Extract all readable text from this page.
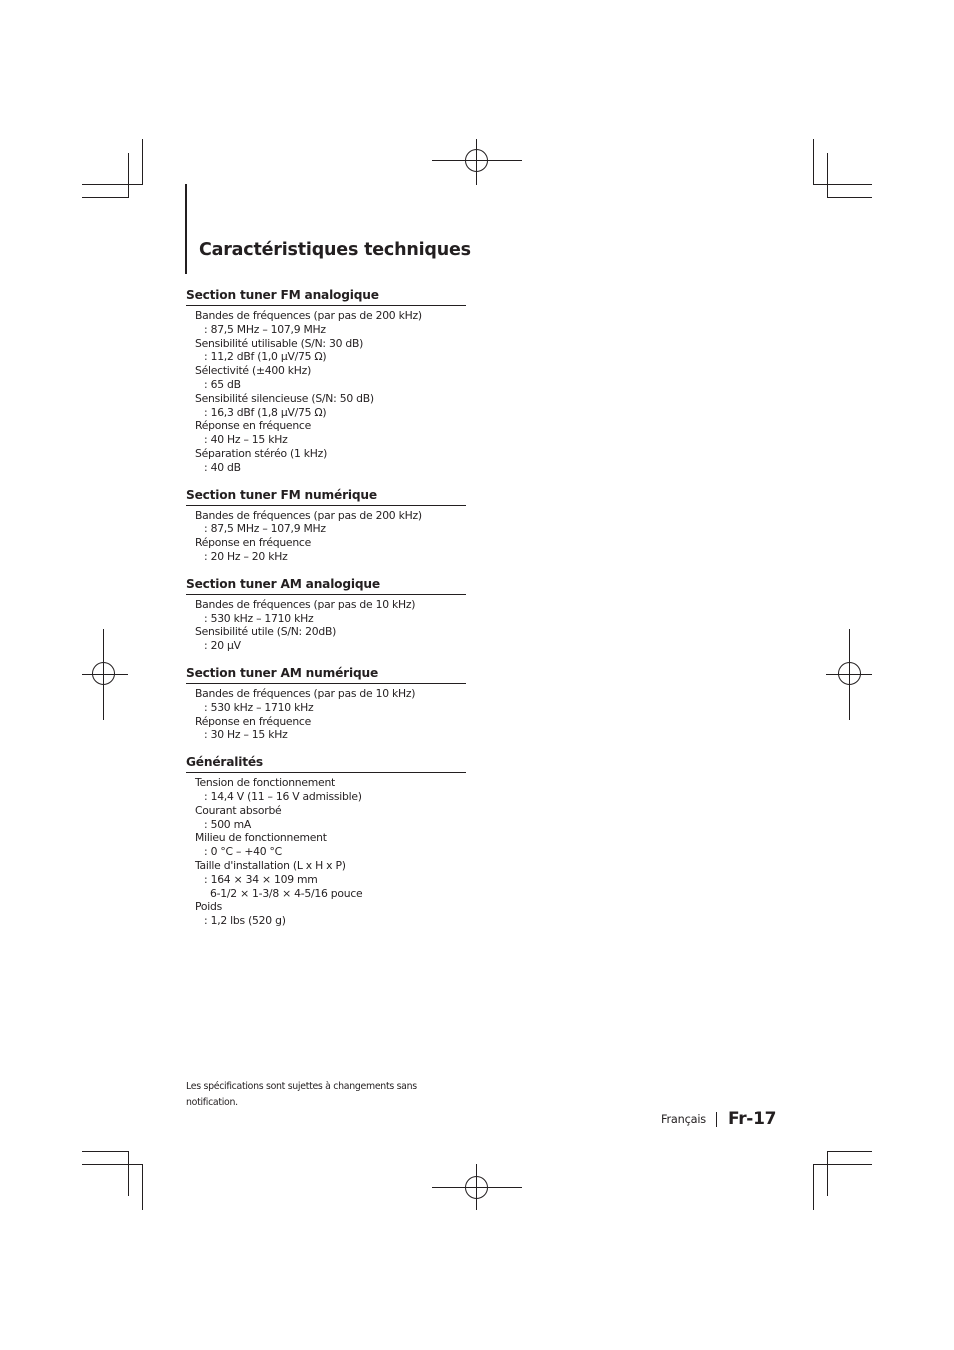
Caractéristiques techniques
Section tuner FM analogique
Bandes de fréquences (par pas de 200 kHz)
: 87,5 MHz – 107,9 MHz
Sensibilité utilisable (S/N: 30 dB)
: 11,2 dBf (1,0 μV/75 Ω)
Sélectivité (±400 kHz)
: 65 dB
Sensibilité silencieuse (S/N: 50 dB)
: 16,3 dBf (1,8 μV/75 Ω)
Réponse en fréquence
: 40 Hz – 15 kHz
Séparation stéréo (1 kHz)
: 40 dB
Section tuner FM numérique
Bandes de fréquences (par pas de 200 kHz)
: 87,5 MHz – 107,9 MHz
Réponse en fréquence
: 20 Hz – 20 kHz
Section tuner AM analogique
Bandes de fréquences (par pas de 10 kHz)
: 530 kHz – 1710 kHz
Sensibilité utile (S/N: 20dB)
: 20 μV
Section tuner AM numérique
Bandes de fréquences (par pas de 10 kHz)
: 530 kHz – 1710 kHz
Réponse en fréquence
: 30 Hz – 15 kHz
Généralités
Tension de fonctionnement
: 14,4 V (11 – 16 V admissible)
Courant absorbé
: 500 mA
Milieu de fonctionnement
: 0 °C – +40 °C
Taille d'installation (L x H x P)
: 164 × 34 × 109 mm
6-1/2 × 1-3/8 × 4-5/16 pouce
Poids
: 1,2 lbs (520 g)
Les spécifications sont sujettes à changements sans notification.
Français Fr-17
